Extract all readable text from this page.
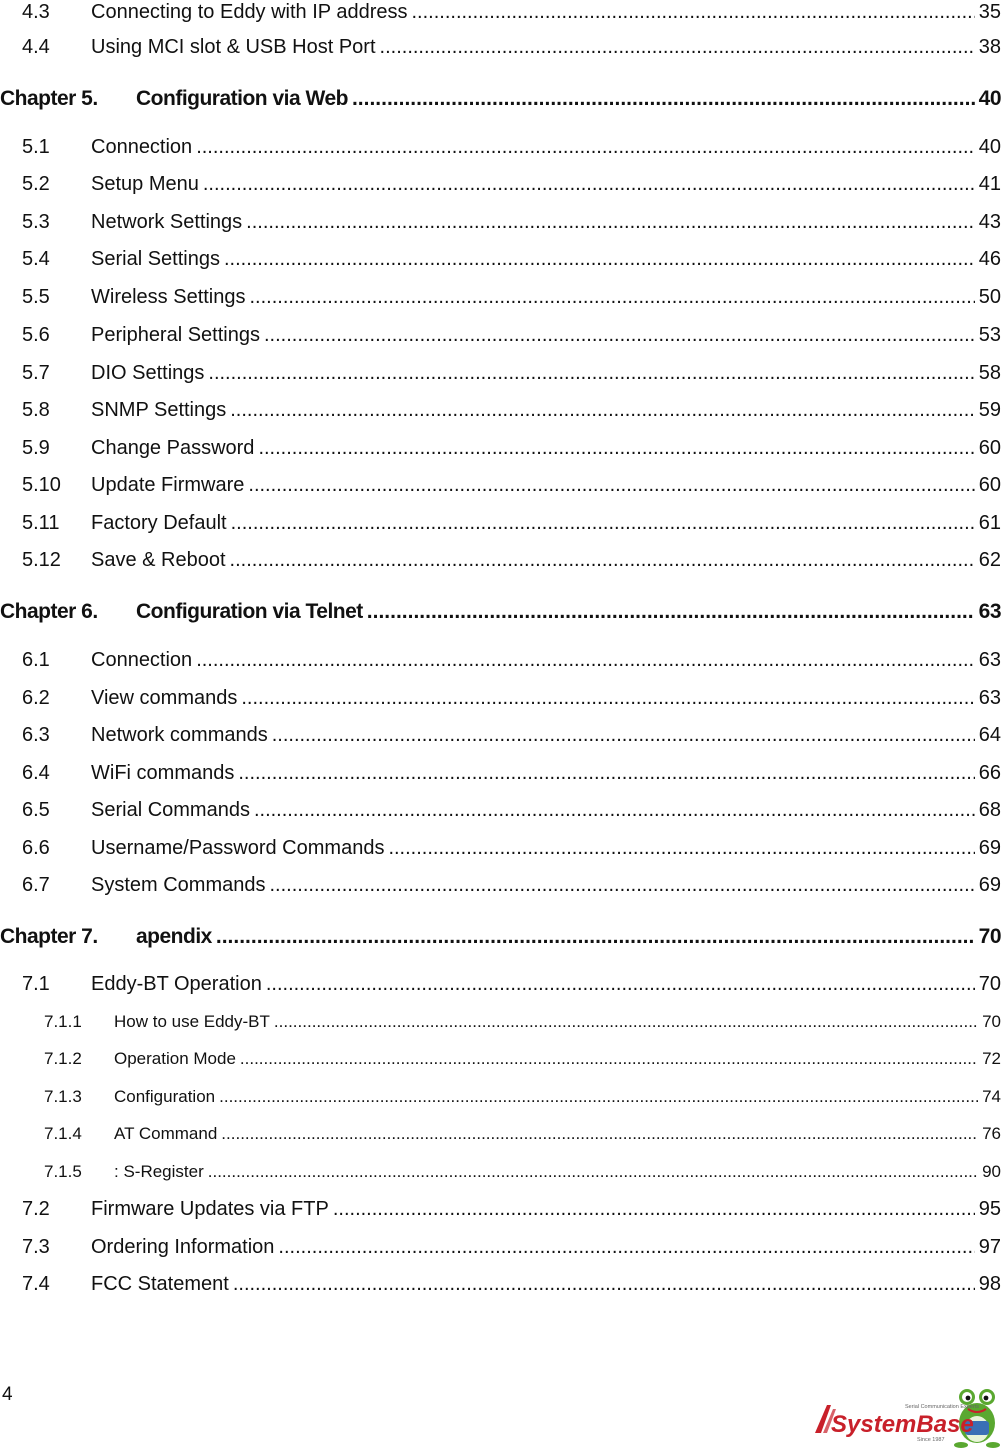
4.3 Connecting to Eddy with IP address .....	35
4.4 Using MCI slot & USB Host Port .....	38
Chapter 5. Configuration via Web .....	40
5.1 Connection .....	40
5.2 Setup Menu .....	41
5.3 Network Settings .....	43
5.4 Serial Settings .....	46
5.5 Wireless Settings .....	50
5.6 Peripheral Settings .....	53
5.7 DIO Settings .....	58
5.8 SNMP Settings .....	59
5.9 Change Password .....	60
5.10 Update Firmware .....	60
5.11 Factory Default .....	61
5.12 Save & Reboot .....	62
Chapter 6. Configuration via Telnet .....	63
6.1 Connection .....	63
6.2 View commands .....	63
6.3 Network commands .....	64
6.4 WiFi commands .....	66
6.5 Serial Commands .....	68
6.6 Username/Password Commands .....	69
6.7 System Commands .....	69
Chapter 7. apendix .....	70
7.1 Eddy-BT Operation .....	70
7.1.1 How to use Eddy-BT .....	70
7.1.2 Operation Mode .....	72
7.1.3 Configuration .....	74
7.1.4 AT Command .....	76
7.1.5 : S-Register .....	90
7.2 Firmware Updates via FTP .....	95
7.3 Ordering Information .....	97
7.4 FCC Statement .....	98
4
SystemBase
Serial Communication Experts
Since 1987
